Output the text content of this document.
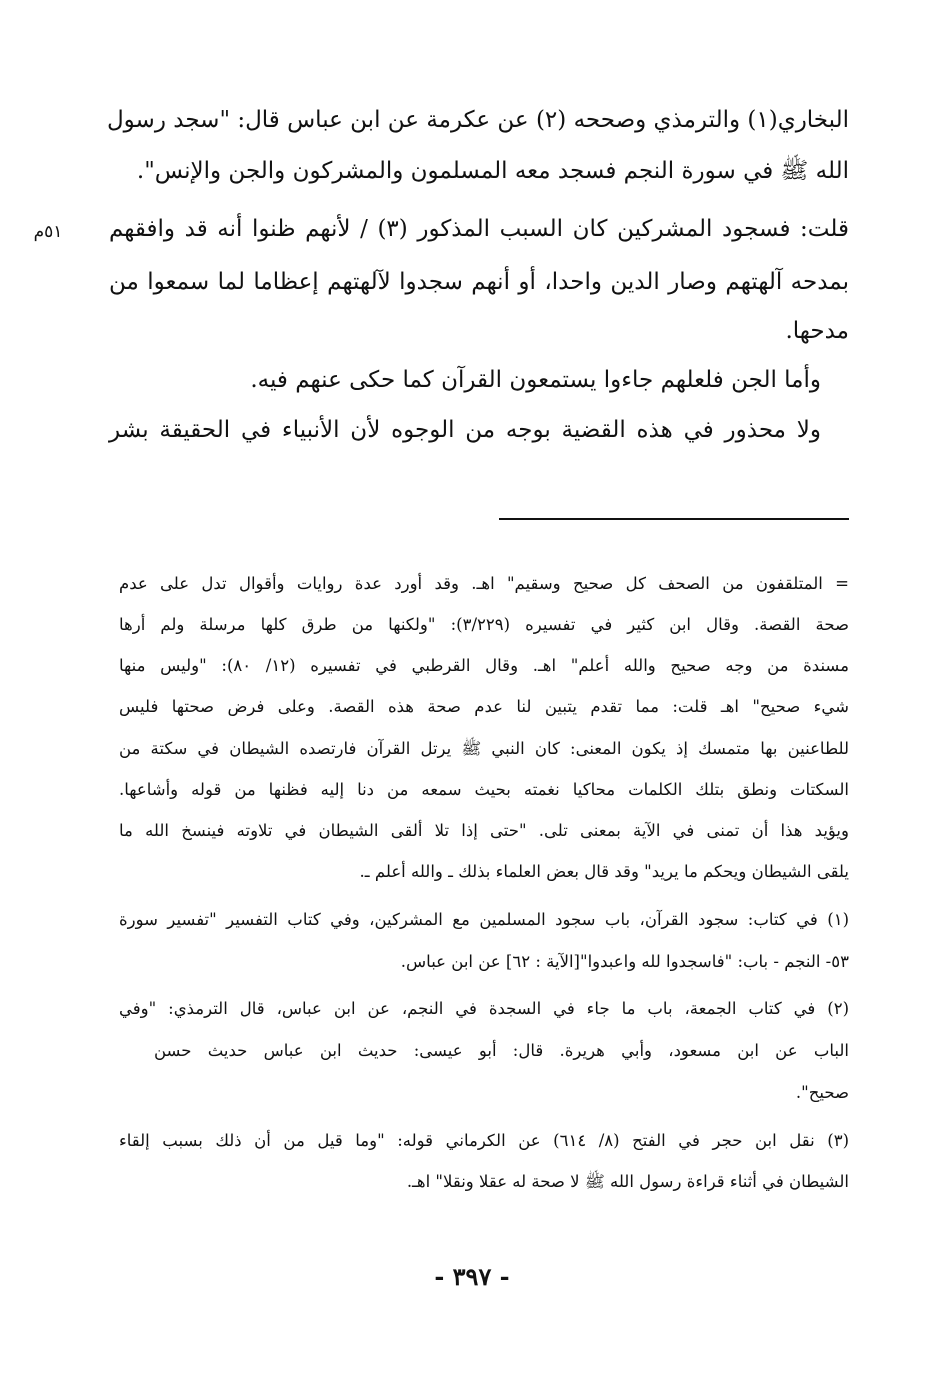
البخاري(١) والترمذي وصححه (٢) عن عكرمة عن ابن عباس قال: "سجد رسول
الله ﷺ في سورة النجم فسجد معه المسلمون والمشركون والجن والإنس".
قلت: فسجود المشركين كان السبب المذكور (٣) / لأنهم ظنوا أنه قد وافقهم
بمدحه آلهتهم وصار الدين واحدا، أو أنهم سجدوا لآلهتهم إعظاما لما سمعوا من
مدحها.
وأما الجن فلعلهم جاءوا يستمعون القرآن كما حكى عنهم فيه.
ولا محذور في هذه القضية بوجه من الوجوه لأن الأنبياء في الحقيقة بشر
٥١م
= المتلقفون من الصحف كل صحيح وسقيم" اهـ. وقد أورد عدة روايات وأقوال تدل على عدم
صحة القصة. وقال ابن كثير في تفسيره (٣/٢٢٩): "ولكنها من طرق كلها مرسلة ولم أرها
مسندة من وجه صحيح والله أعلم" اهـ. وقال القرطبي في تفسيره (١٢/ ٨٠): "وليس منها
شيء صحيح" اهـ قلت: مما تقدم يتبين لنا عدم صحة هذه القصة. وعلى فرض صحتها فليس
للطاعنين بها متمسك إذ يكون المعنى: كان النبي ﷺ يرتل القرآن فارتصده الشيطان في سكتة من
السكتات ونطق بتلك الكلمات محاكيا نغمته بحيث سمعه من دنا إليه فظنها من قوله وأشاعها.
ويؤيد هذا أن تمنى في الآية بمعنى تلى. "حتى إذا تلا ألقى الشيطان في تلاوته فينسخ الله ما
يلقى الشيطان ويحكم ما يريد" وقد قال بعض العلماء بذلك ـ والله أعلم ـ.
(١) في كتاب: سجود القرآن، باب سجود المسلمين مع المشركين، وفي كتاب التفسير "تفسير سورة
٥٣- النجم - باب: "فاسجدوا لله واعبدوا"[الآية : ٦٢] عن ابن عباس.
(٢) في كتاب الجمعة، باب ما جاء في السجدة في النجم، عن ابن عباس، قال الترمذي: "وفي
الباب عن ابن مسعود، وأبي هريرة. قال: أبو عيسى: حديث ابن عباس حديث حسن
صحيح".
(٣) نقل ابن حجر في الفتح (٨/ ٦١٤) عن الكرماني قوله: "وما قيل من أن ذلك بسبب إلقاء
الشيطان في أثناء قراءة رسول الله ﷺ لا صحة له عقلا ونقلا" اهـ.
- ٣٩٧ -
